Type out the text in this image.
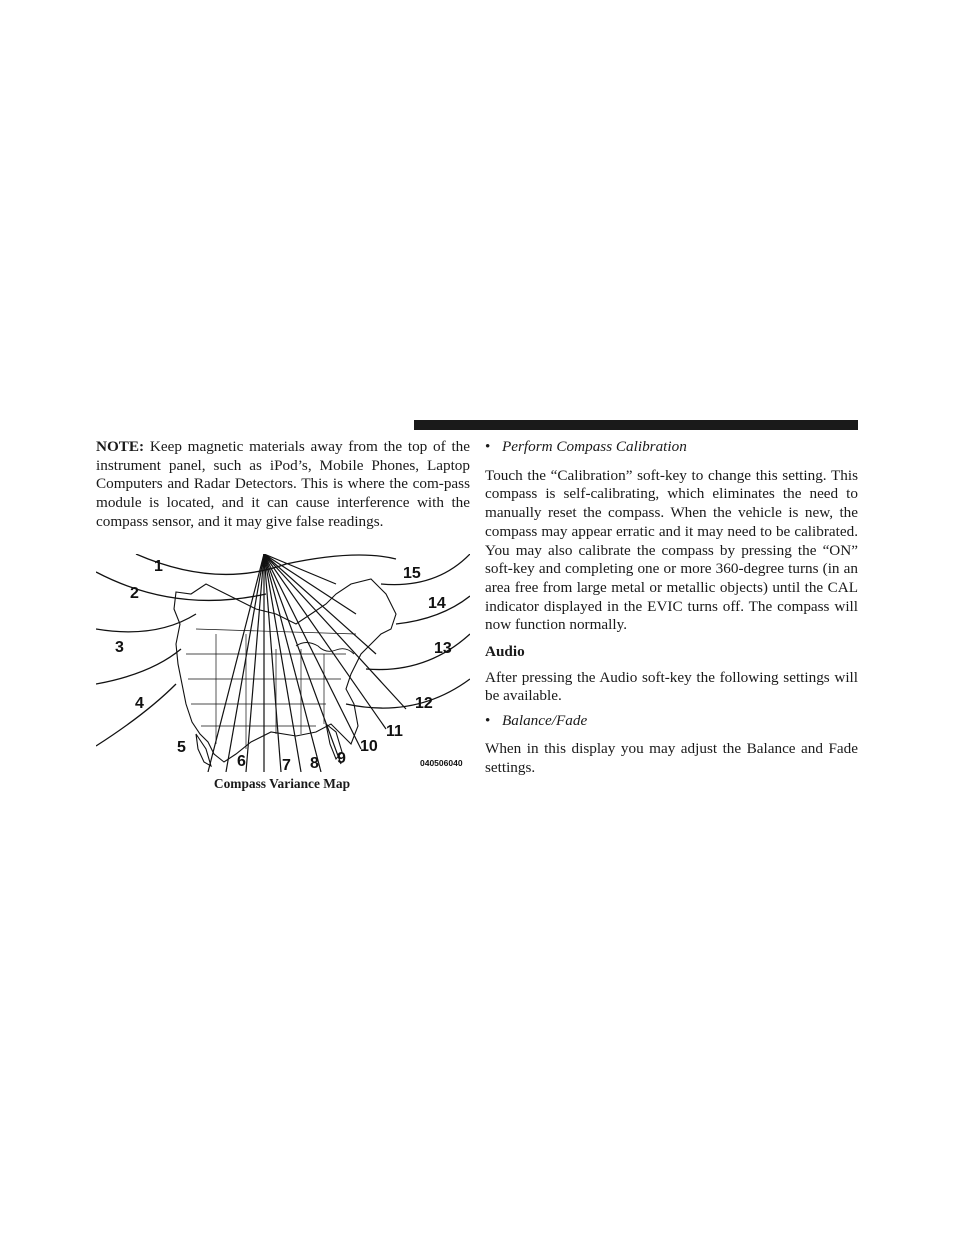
NOTE: Keep magnetic materials away from the top of the instrument panel, such as iPod’s, Mobile Phones, Laptop Computers and Radar Detectors. This is where the com-pass module is located, and it can cause interference with the compass sensor, and it may give false readings.

1
2
3
4
5
6 7 8 9
10
11
12
13
14
15
040506040
Compass Variance Map
• Perform Compass Calibration

Touch the “Calibration” soft-key to change this setting. This compass is self-calibrating, which eliminates the need to manually reset the compass. When the vehicle is new, the compass may appear erratic and it may need to be calibrated. You may also calibrate the compass by pressing the “ON” soft-key and completing one or more 360-degree turns (in an area free from large metal or metallic objects) until the CAL indicator displayed in the EVIC turns off. The compass will now function normally.

Audio

After pressing the Audio soft-key the following settings will be available.

• Balance/Fade

When in this display you may adjust the Balance and Fade settings.
